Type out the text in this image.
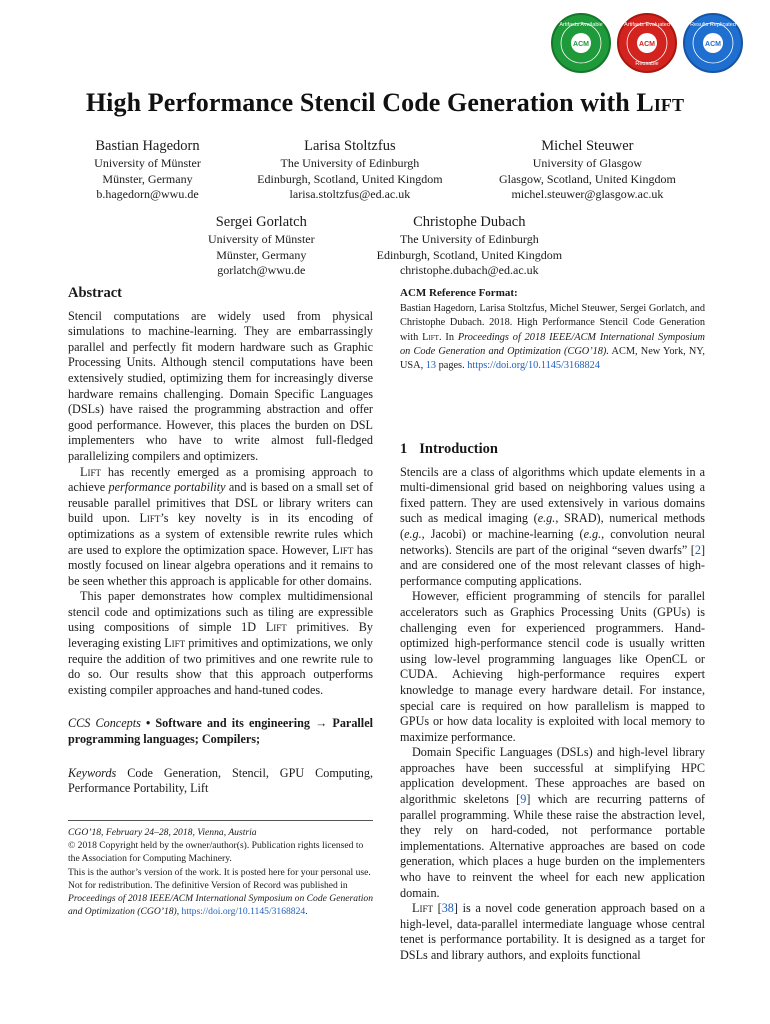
ACM
Artifacts Available
ACM
Artifacts Evaluated
Reusable
ACM
Results Replicated
High Performance Stencil Code Generation with Lift
Bastian Hagedorn
University of Münster
Münster, Germany
b.hagedorn@wwu.de
Larisa Stoltzfus
The University of Edinburgh
Edinburgh, Scotland, United Kingdom
larisa.stoltzfus@ed.ac.uk
Michel Steuwer
University of Glasgow
Glasgow, Scotland, United Kingdom
michel.steuwer@glasgow.ac.uk
Sergei Gorlatch
University of Münster
Münster, Germany
gorlatch@wwu.de
Christophe Dubach
The University of Edinburgh
Edinburgh, Scotland, United Kingdom
christophe.dubach@ed.ac.uk
Abstract

Stencil computations are widely used from physical simulations to machine-learning. They are embarrassingly parallel and perfectly fit modern hardware such as Graphic Processing Units. Although stencil computations have been extensively studied, optimizing them for increasingly diverse hardware remains challenging. Domain Specific Languages (DSLs) have raised the programming abstraction and offer good performance. However, this places the burden on DSL implementers who have to write almost full-fledged parallelizing compilers and optimizers.

Lift has recently emerged as a promising approach to achieve performance portability and is based on a small set of reusable parallel primitives that DSL or library writers can build upon. Lift’s key novelty is in its encoding of optimizations as a system of extensible rewrite rules which are used to explore the optimization space. However, Lift has mostly focused on linear algebra operations and it remains to be seen whether this approach is applicable for other domains.

This paper demonstrates how complex multidimensional stencil code and optimizations such as tiling are expressible using compositions of simple 1D Lift primitives. By leveraging existing Lift primitives and optimizations, we only require the addition of two primitives and one rewrite rule to do so. Our results show that this approach outperforms existing compiler approaches and hand-tuned codes.

CCS Concepts • Software and its engineering → Parallel programming languages; Compilers;

Keywords Code Generation, Stencil, GPU Computing, Performance Portability, Lift

CGO’18, February 24–28, 2018, Vienna, Austria
© 2018 Copyright held by the owner/author(s). Publication rights licensed to the Association for Computing Machinery.
This is the author’s version of the work. It is posted here for your personal use. Not for redistribution. The definitive Version of Record was published in Proceedings of 2018 IEEE/ACM International Symposium on Code Generation and Optimization (CGO’18), https://doi.org/10.1145/3168824.
ACM Reference Format:
Bastian Hagedorn, Larisa Stoltzfus, Michel Steuwer, Sergei Gorlatch, and Christophe Dubach. 2018. High Performance Stencil Code Generation with Lift. In Proceedings of 2018 IEEE/ACM International Symposium on Code Generation and Optimization (CGO’18). ACM, New York, NY, USA, 13 pages. https://doi.org/10.1145/3168824
1 Introduction

Stencils are a class of algorithms which update elements in a multi-dimensional grid based on neighboring values using a fixed pattern. They are used extensively in various domains such as medical imaging (e.g., SRAD), numerical methods (e.g., Jacobi) or machine-learning (e.g., convolution neural networks). Stencils are part of the original “seven dwarfs” [2] and are considered one of the most relevant classes of high-performance computing applications.

However, efficient programming of stencils for parallel accelerators such as Graphics Processing Units (GPUs) is challenging even for experienced programmers. Hand-optimized high-performance stencil code is usually written using low-level programming languages like OpenCL or CUDA. Achieving high-performance requires expert knowledge to manage every hardware detail. For instance, special care is required on how parallelism is mapped to GPUs or how data locality is exploited with local memory to maximize performance.

Domain Specific Languages (DSLs) and high-level library approaches have been successful at simplifying HPC application development. These approaches are based on algorithmic skeletons [9] which are recurring patterns of parallel programming. While these raise the abstraction level, they rely on hard-coded, not performance portable implementations. Alternative approaches are based on code generation, which places a huge burden on the implementers who have to reinvent the wheel for each new application domain.

Lift [38] is a novel code generation approach based on a high-level, data-parallel intermediate language whose central tenet is performance portability. It is designed as a target for DSLs and library authors, and exploits functional
